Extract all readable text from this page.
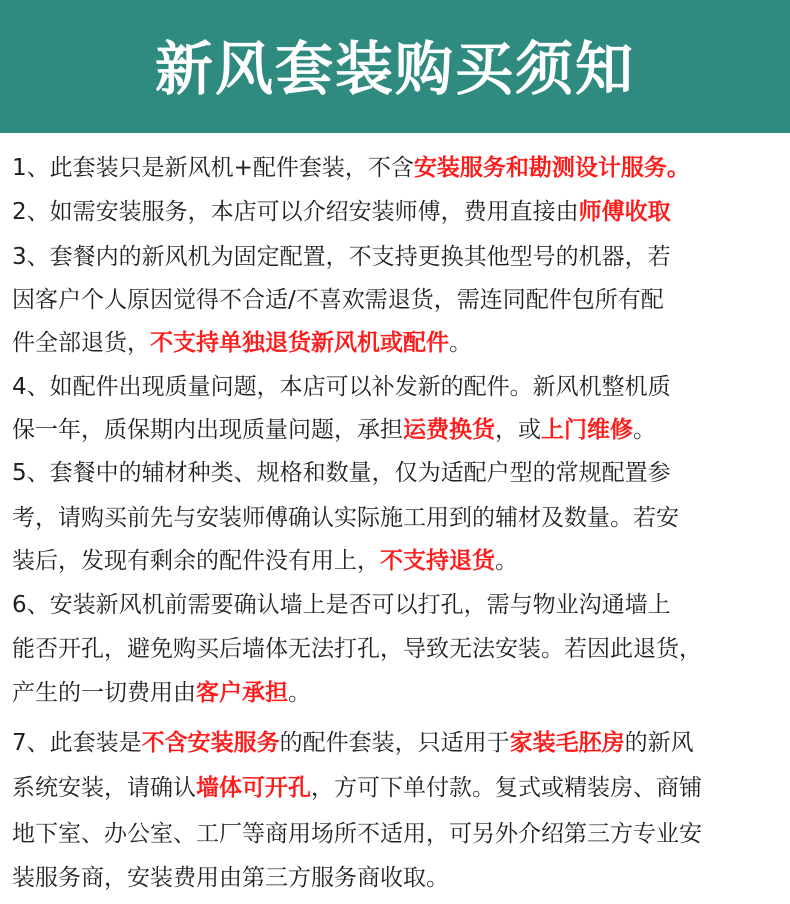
新风套装购买须知
1、此套装只是新风机+配件套装，不含安装服务和勘测设计服务。
2、如需安装服务，本店可以介绍安装师傅，费用直接由师傅收取
3、套餐内的新风机为固定配置，不支持更换其他型号的机器，若
因客户个人原因觉得不合适/不喜欢需退货，需连同配件包所有配
件全部退货，不支持单独退货新风机或配件。
4、如配件出现质量问题，本店可以补发新的配件。新风机整机质
保一年，质保期内出现质量问题，承担运费换货，或上门维修。
5、套餐中的辅材种类、规格和数量，仅为适配户型的常规配置参
考，请购买前先与安装师傅确认实际施工用到的辅材及数量。若安
装后，发现有剩余的配件没有用上，不支持退货。
6、安装新风机前需要确认墙上是否可以打孔，需与物业沟通墙上
能否开孔，避免购买后墙体无法打孔，导致无法安装。若因此退货，
产生的一切费用由客户承担。
7、此套装是不含安装服务的配件套装，只适用于家装毛胚房的新风
系统安装，请确认墙体可开孔，方可下单付款。复式或精装房、商铺
地下室、办公室、工厂等商用场所不适用，可另外介绍第三方专业安
装服务商，安装费用由第三方服务商收取。
